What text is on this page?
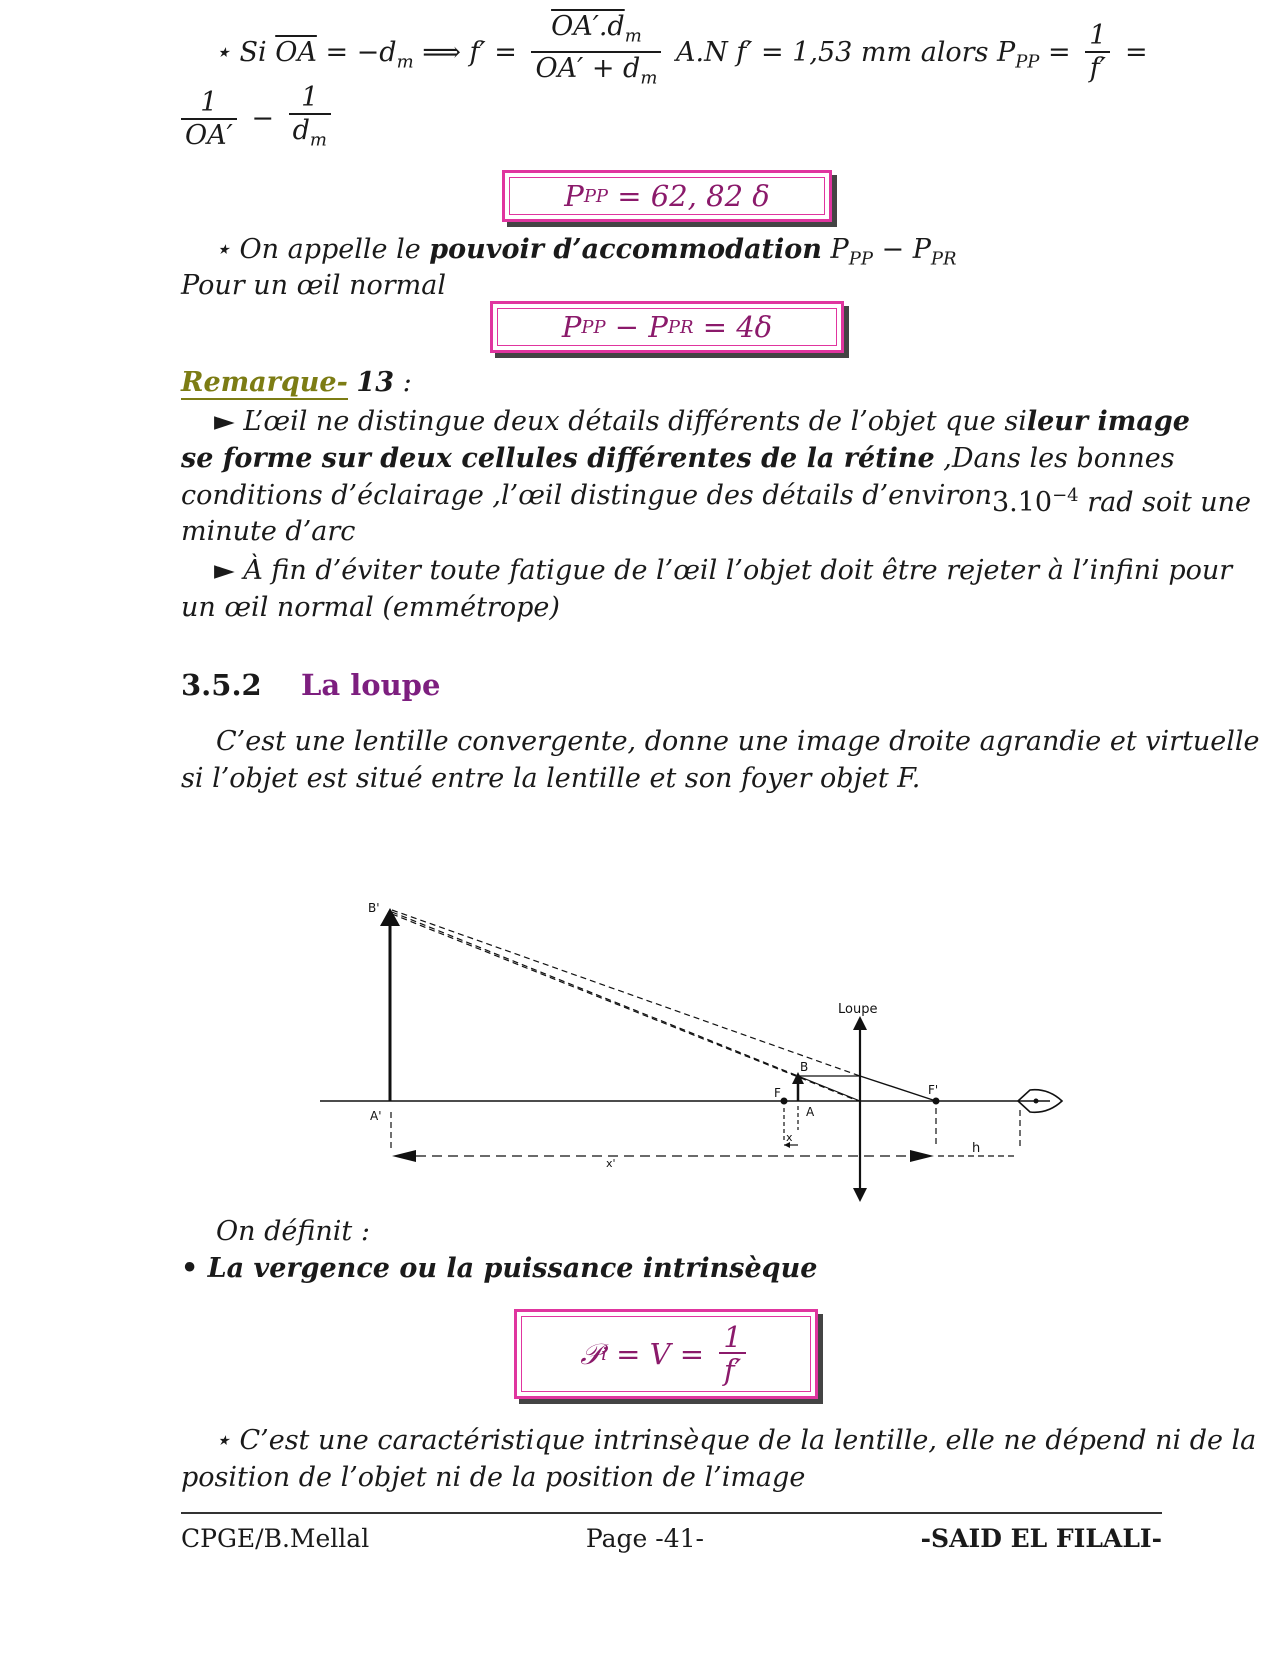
⋆ Si $\overline{OA} = -d_m$ ⟹ $f' = \frac{OA'.d_m}{OA' + d_m} A.N$ f′ = 1,53 mm alors $P_{PP} = \frac{1}{f'}$ =
$\frac{1}{OA'} - \frac{1}{d_m}$
P PP = 62, 82 δ
⋆ On appelle le pouvoir d’accommodation $P_{PP} - P_{PR}$
Pour un œil normal
P PP − P PR = 4δ
Remarque- 13 :
► L’œil ne distingue deux détails différents de l’objet que si leur image
se forme sur deux cellules différentes de la rétine ,Dans les bonnes
conditions d’éclairage ,l’œil distingue des détails d’environ $3.10^{-4}$ rad soit une
minute d’arc
► À fin d’éviter toute fatigue de l’œil l’objet doit être rejeter à l’infini pour
un œil normal (emmétrope)
3.5.2 La loupe
C’est une lentille convergente, donne une image droite agrandie et virtuelle
si l’objet est situé entre la lentille et son foyer objet F.
B'
A'
B
A
F	F'
Loupe
x
x'
h
On définit :
• La vergence ou la puissance intrinsèque
𝒫 $i = V = \frac{1}{f'}$
⋆ C’est une caractéristique intrinsèque de la lentille, elle ne dépend ni de la
position de l’objet ni de la position de l’image
CPGE/B.Mellal	Page -41-	-SAID EL FILALI-
